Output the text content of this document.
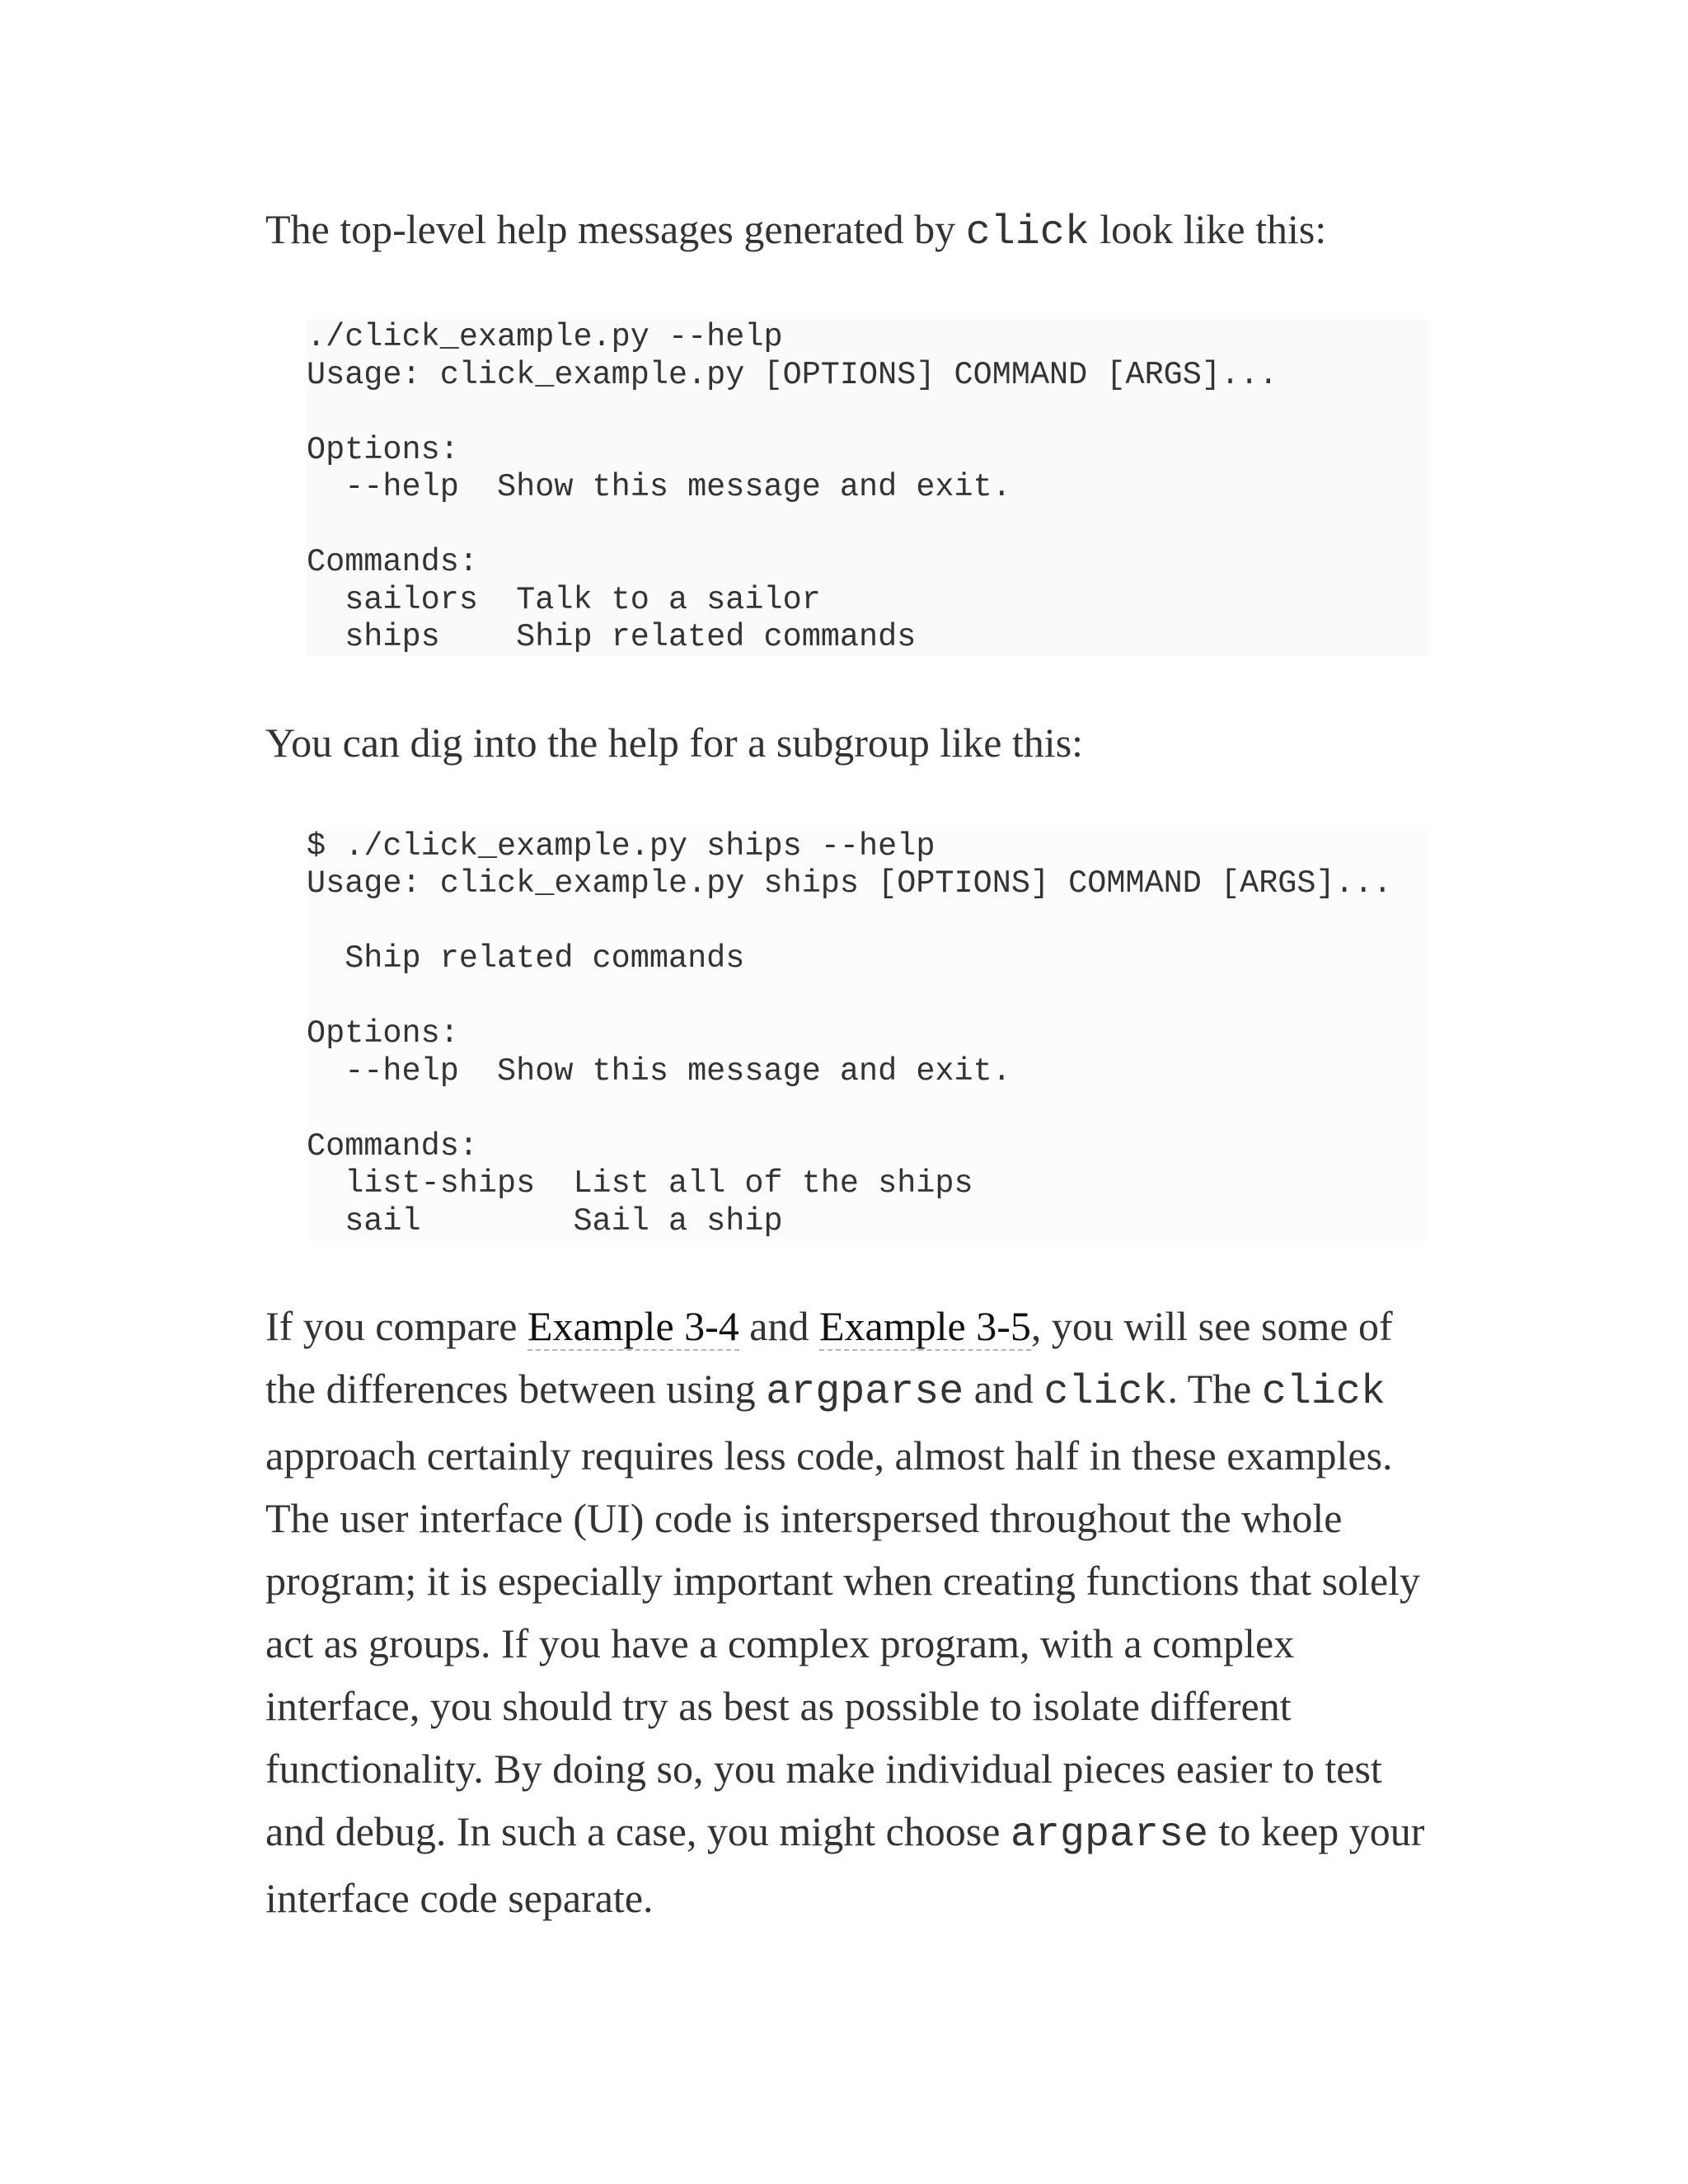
The top-level help messages generated by click look like this:

./click_example.py --help
Usage: click_example.py [OPTIONS] COMMAND [ARGS]...

Options:
--help  Show this message and exit.

Commands:
sailors  Talk to a sailor
ships    Ship related commands

You can dig into the help for a subgroup like this:

$ ./click_example.py ships --help
Usage: click_example.py ships [OPTIONS] COMMAND [ARGS]...

Ship related commands

Options:
--help  Show this message and exit.

Commands:
list-ships  List all of the ships
sail        Sail a ship

If you compare Example 3-4 and Example 3-5, you will see some of the differences between using argparse and click. The click approach certainly requires less code, almost half in these examples. The user interface (UI) code is interspersed throughout the whole program; it is especially important when creating functions that solely act as groups. If you have a complex program, with a complex interface, you should try as best as possible to isolate different functionality. By doing so, you make individual pieces easier to test and debug. In such a case, you might choose argparse to keep your interface code separate.
